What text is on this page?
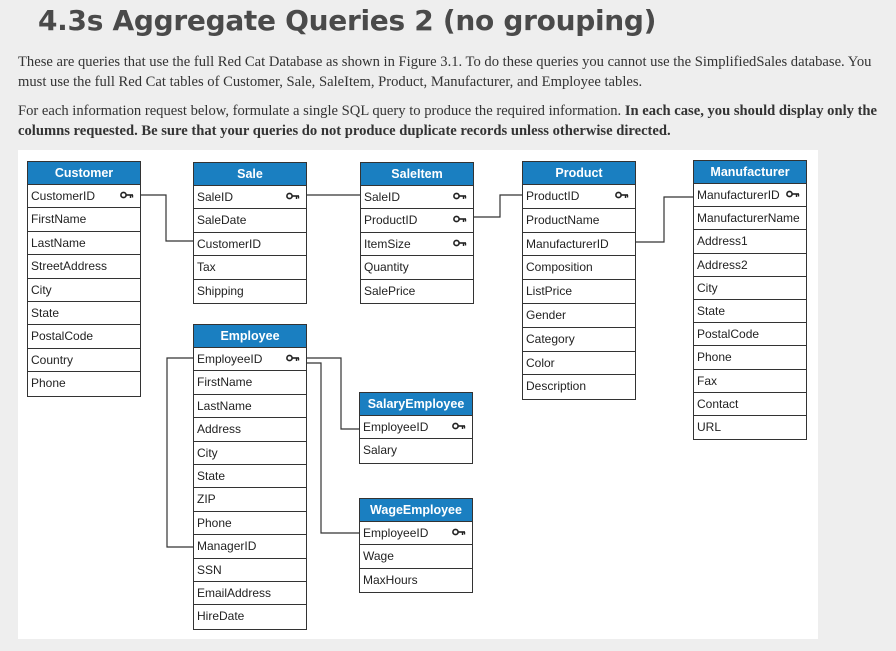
4.3s Aggregate Queries 2 (no grouping)
These are queries that use the full Red Cat Database as shown in Figure 3.1. To do these queries you cannot use the SimplifiedSales database. You must use the full Red Cat tables of Customer, Sale, SaleItem, Product, Manufacturer, and Employee tables.
For each information request below, formulate a single SQL query to produce the required information. In each case, you should display only the columns requested. Be sure that your queries do not produce duplicate records unless otherwise directed.
Customer
CustomerID
FirstName
LastName
StreetAddress
City
State
PostalCode
Country
Phone
Sale
SaleID
SaleDate
CustomerID
Tax
Shipping
SaleItem
SaleID
ProductID
ItemSize
Quantity
SalePrice
Product
ProductID
ProductName
ManufacturerID
Composition
ListPrice
Gender
Category
Color
Description
Manufacturer
ManufacturerID
ManufacturerName
Address1
Address2
City
State
PostalCode
Phone
Fax
Contact
URL
Employee
EmployeeID
FirstName
LastName
Address
City
State
ZIP
Phone
ManagerID
SSN
EmailAddress
HireDate
SalaryEmployee
EmployeeID
Salary
WageEmployee
EmployeeID
Wage
MaxHours
